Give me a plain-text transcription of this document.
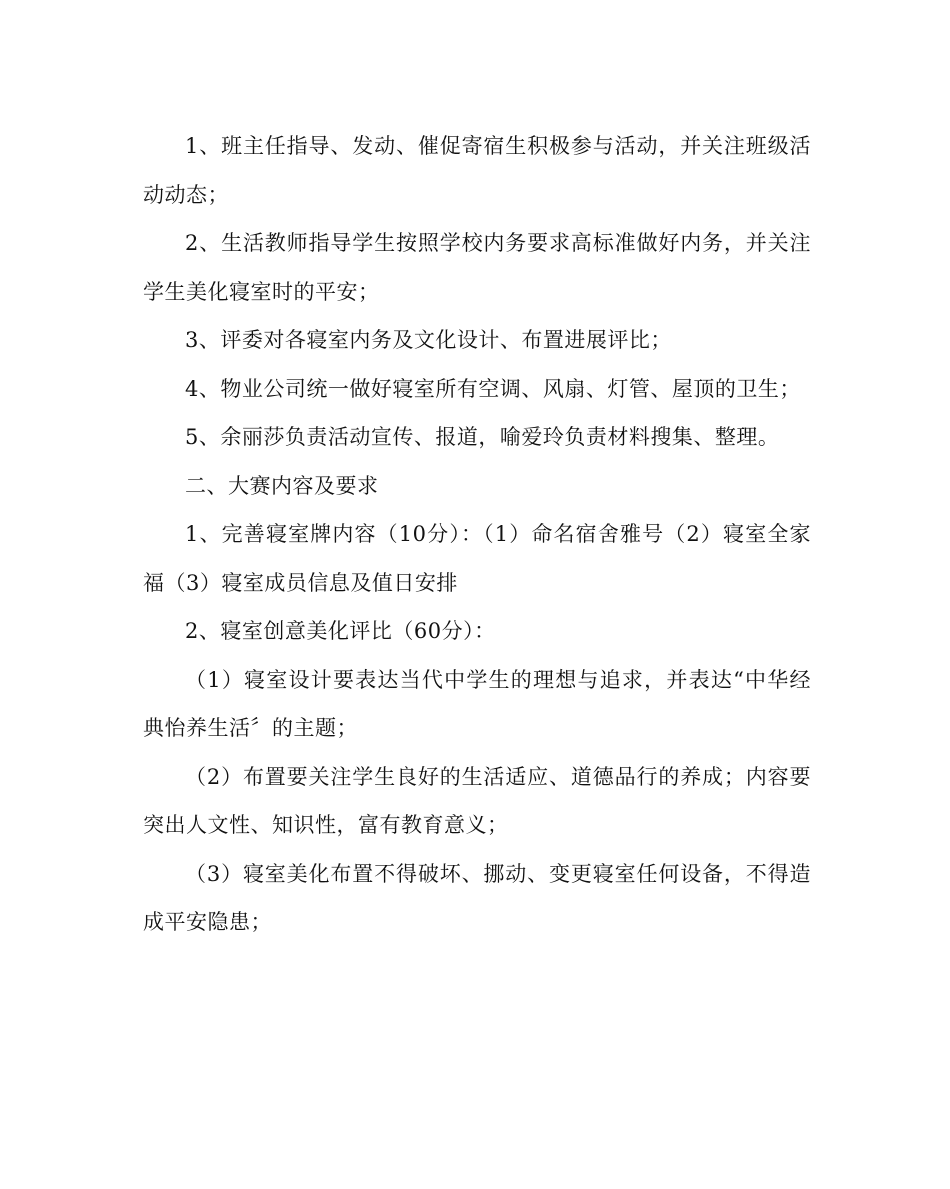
1、班主任指导、发动、催促寄宿生积极参与活动，并关注班级活动动态；

2、生活教师指导学生按照学校内务要求高标准做好内务，并关注学生美化寝室时的平安；

3、评委对各寝室内务及文化设计、布置进展评比；

4、物业公司统一做好寝室所有空调、风扇、灯管、屋顶的卫生；

5、余丽莎负责活动宣传、报道，喻爱玲负责材料搜集、整理。

二、大赛内容及要求

1、完善寝室牌内容（10分）：（1）命名宿舍雅号（2）寝室全家福（3）寝室成员信息及值日安排

2、寝室创意美化评比（60分）：

（1）寝室设计要表达当代中学生的理想与追求，并表达“中华经典怡养生活〞的主题；

（2）布置要关注学生良好的生活适应、道德品行的养成；内容要突出人文性、知识性，富有教育意义；

（3）寝室美化布置不得破坏、挪动、变更寝室任何设备，不得造成平安隐患；
